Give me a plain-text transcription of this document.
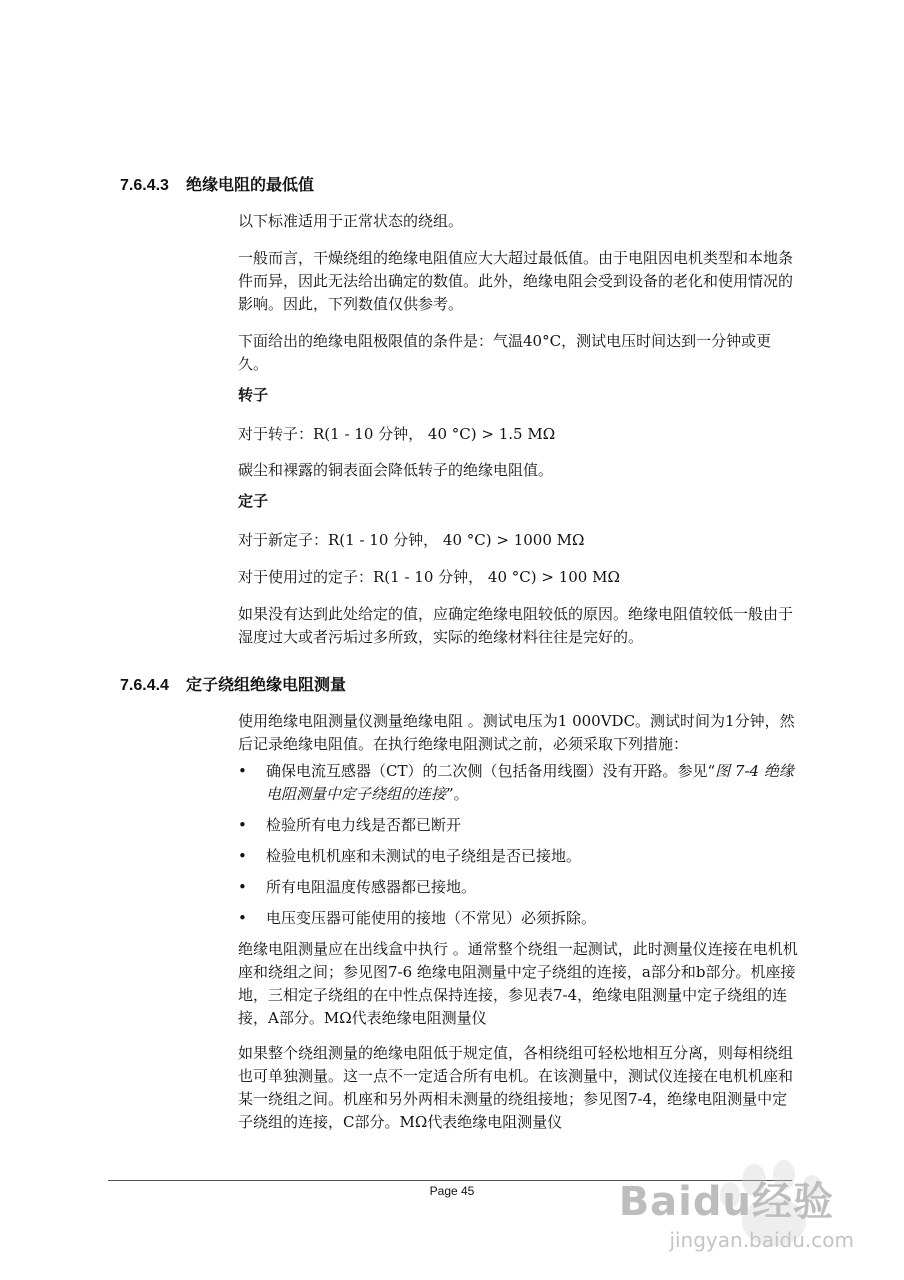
7.6.4.3 绝缘电阻的最低值

以下标准适用于正常状态的绕组。

一般而言，干燥绕组的绝缘电阻值应大大超过最低值。由于电阻因电机类型和本地条件而异，因此无法给出确定的数值。此外，绝缘电阻会受到设备的老化和使用情况的影响。因此，下列数值仅供参考。

下面给出的绝缘电阻极限值的条件是：气温40°C，测试电压时间达到一分钟或更久。

转子

对于转子：R(1 - 10 分钟， 40 °C) > 1.5 MΩ

碳尘和裸露的铜表面会降低转子的绝缘电阻值。

定子

对于新定子：R(1 - 10 分钟， 40 °C) > 1000 MΩ

对于使用过的定子：R(1 - 10 分钟， 40 °C) > 100 MΩ

如果没有达到此处给定的值，应确定绝缘电阻较低的原因。绝缘电阻值较低一般由于湿度过大或者污垢过多所致，实际的绝缘材料往往是完好的。

7.6.4.4 定子绕组绝缘电阻测量

使用绝缘电阻测量仪测量绝缘电阻 。测试电压为1 000VDC。测试时间为1分钟，然后记录绝缘电阻值。在执行绝缘电阻测试之前，必须采取下列措施：

• 确保电流互感器（CT）的二次侧（包括备用线圈）没有开路。参见“图 7-4 绝缘电阻测量中定子绕组的连接”。
• 检验所有电力线是否都已断开
• 检验电机机座和未测试的电子绕组是否已接地。
• 所有电阻温度传感器都已接地。
• 电压变压器可能使用的接地（不常见）必须拆除。

绝缘电阻测量应在出线盒中执行 。通常整个绕组一起测试，此时测量仪连接在电机机座和绕组之间；参见图7-6 绝缘电阻测量中定子绕组的连接，a部分和b部分。机座接地，三相定子绕组的在中性点保持连接，参见表7-4，绝缘电阻测量中定子绕组的连接，A部分。MΩ代表绝缘电阻测量仪

如果整个绕组测量的绝缘电阻低于规定值，各相绕组可轻松地相互分离，则每相绕组也可单独测量。这一点不一定适合所有电机。在该测量中，测试仪连接在电机机座和某一绕组之间。机座和另外两相未测量的绕组接地；参见图7-4，绝缘电阻测量中定子绕组的连接，C部分。MΩ代表绝缘电阻测量仪

Page 45	Baidu经验
jingyan.baidu.com
